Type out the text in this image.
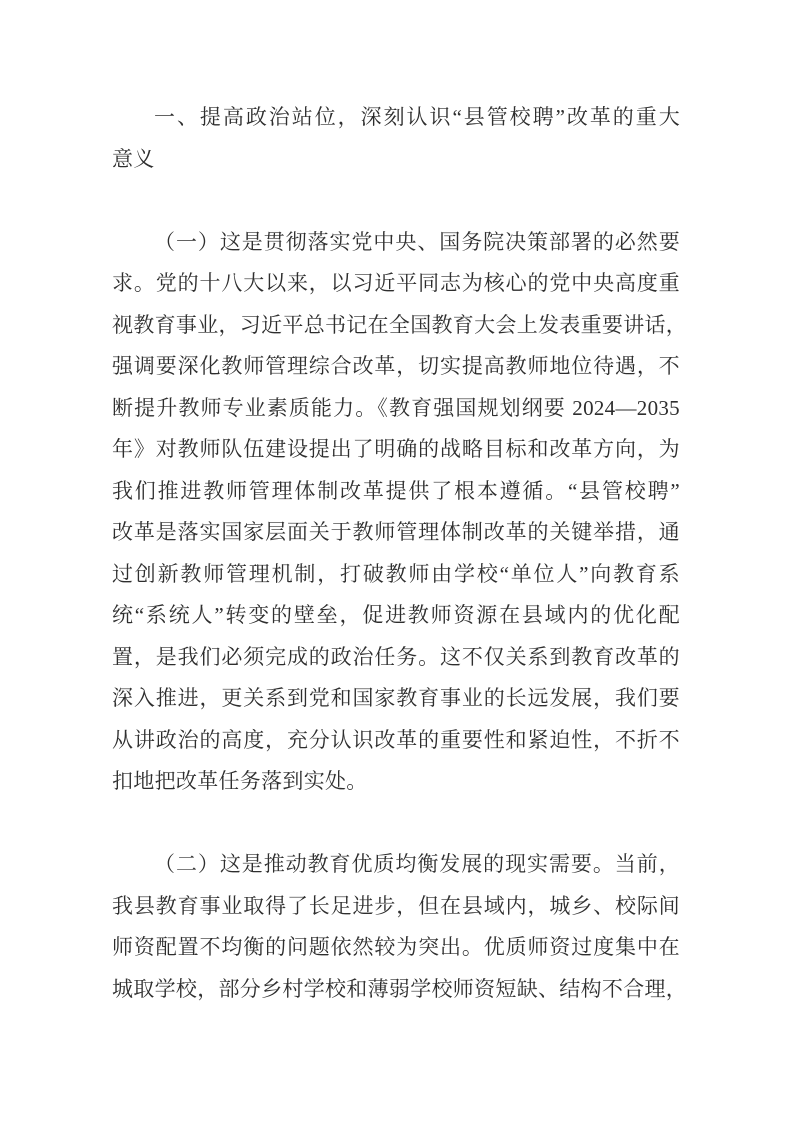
一、提高政治站位，深刻认识“县管校聘”改革的重大
意义
（一）这是贯彻落实党中央、国务院决策部署的必然要
求。党的十八大以来，以习近平同志为核心的党中央高度重
视教育事业，习近平总书记在全国教育大会上发表重要讲话，
强调要深化教师管理综合改革，切实提高教师地位待遇，不
断提升教师专业素质能力。《教育强国规划纲要 2024—2035
年》对教师队伍建设提出了明确的战略目标和改革方向，为
我们推进教师管理体制改革提供了根本遵循。“县管校聘”
改革是落实国家层面关于教师管理体制改革的关键举措，通
过创新教师管理机制，打破教师由学校“单位人”向教育系
统“系统人”转变的壁垒，促进教师资源在县域内的优化配
置，是我们必须完成的政治任务。这不仅关系到教育改革的
深入推进，更关系到党和国家教育事业的长远发展，我们要
从讲政治的高度，充分认识改革的重要性和紧迫性，不折不
扣地把改革任务落到实处。
（二）这是推动教育优质均衡发展的现实需要。当前，
我县教育事业取得了长足进步，但在县域内，城乡、校际间
师资配置不均衡的问题依然较为突出。优质师资过度集中在
城取学校，部分乡村学校和薄弱学校师资短缺、结构不合理，
